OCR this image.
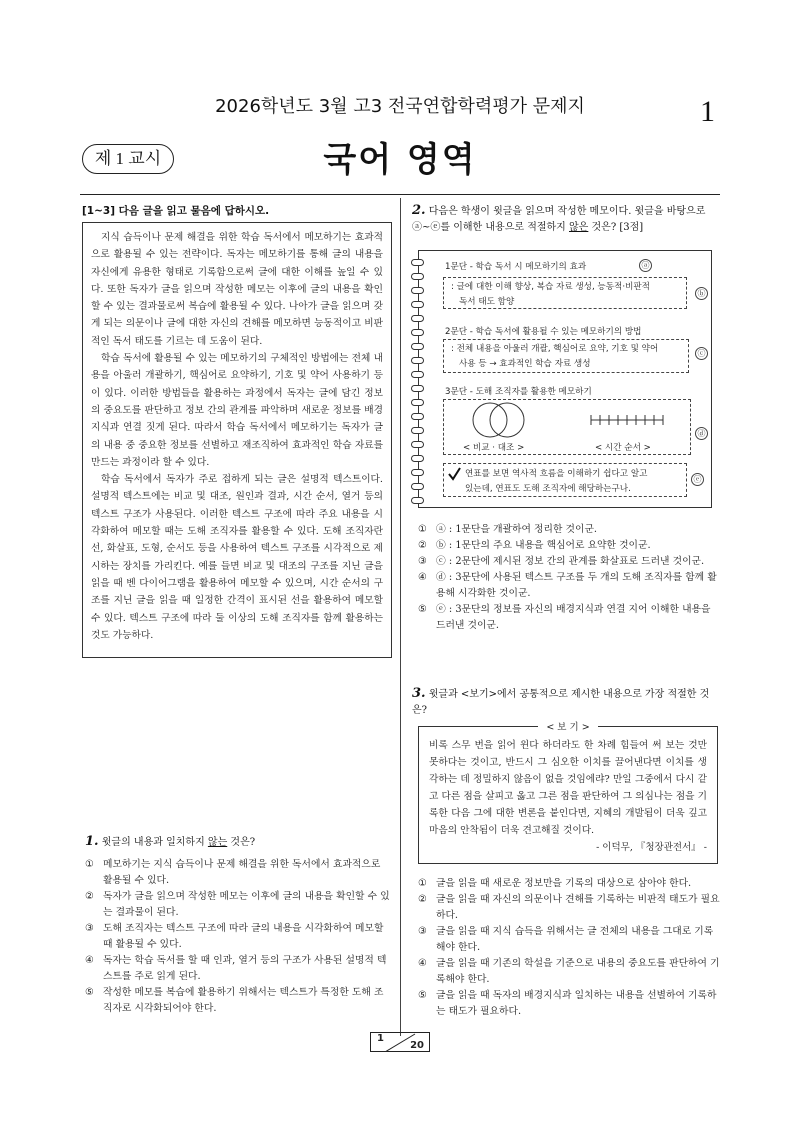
2026학년도 3월 고3 전국연합학력평가 문제지	1
제 1 교시	국어 영역
[1~3] 다음 글을 읽고 물음에 답하시오.

지식 습득이나 문제 해결을 위한 학습 독서에서 메모하기는 효과적으로 활용될 수 있는 전략이다. 독자는 메모하기를 통해 글의 내용을 자신에게 유용한 형태로 기록함으로써 글에 대한 이해를 높일 수 있다. 또한 독자가 글을 읽으며 작성한 메모는 이후에 글의 내용을 확인할 수 있는 결과물로써 복습에 활용될 수 있다. 나아가 글을 읽으며 갖게 되는 의문이나 글에 대한 자신의 견해를 메모하면 능동적이고 비판적인 독서 태도를 기르는 데 도움이 된다.

학습 독서에 활용될 수 있는 메모하기의 구체적인 방법에는 전체 내용을 아울러 개괄하기, 핵심어로 요약하기, 기호 및 약어 사용하기 등이 있다. 이러한 방법들을 활용하는 과정에서 독자는 글에 담긴 정보의 중요도를 판단하고 정보 간의 관계를 파악하며 새로운 정보를 배경지식과 연결 짓게 된다. 따라서 학습 독서에서 메모하기는 독자가 글의 내용 중 중요한 정보를 선별하고 재조직하여 효과적인 학습 자료를 만드는 과정이라 할 수 있다.

학습 독서에서 독자가 주로 접하게 되는 글은 설명적 텍스트이다. 설명적 텍스트에는 비교 및 대조, 원인과 결과, 시간 순서, 열거 등의 텍스트 구조가 사용된다. 이러한 텍스트 구조에 따라 주요 내용을 시각화하여 메모할 때는 도해 조직자를 활용할 수 있다. 도해 조직자란 선, 화살표, 도형, 순서도 등을 사용하여 텍스트 구조를 시각적으로 제시하는 장치를 가리킨다. 예를 들면 비교 및 대조의 구조를 지닌 글을 읽을 때 벤 다이어그램을 활용하여 메모할 수 있으며, 시간 순서의 구조를 지닌 글을 읽을 때 일정한 간격이 표시된 선을 활용하여 메모할 수 있다. 텍스트 구조에 따라 둘 이상의 도해 조직자를 함께 활용하는 것도 가능하다.

1. 윗글의 내용과 일치하지 않는 것은?
① 메모하기는 지식 습득이나 문제 해결을 위한 독서에서 효과적으로 활용될 수 있다.
② 독자가 글을 읽으며 작성한 메모는 이후에 글의 내용을 확인할 수 있는 결과물이 된다.
③ 도해 조직자는 텍스트 구조에 따라 글의 내용을 시각화하여 메모할 때 활용될 수 있다.
④ 독자는 학습 독서를 할 때 인과, 열거 등의 구조가 사용된 설명적 텍스트를 주로 읽게 된다.
⑤ 작성한 메모를 복습에 활용하기 위해서는 텍스트가 특정한 도해 조직자로 시각화되어야 한다.
2. 다음은 학생이 윗글을 읽으며 작성한 메모이다. 윗글을 바탕으로 ⓐ~ⓔ를 이해한 내용으로 적절하지 않은 것은? [3점]
1문단 - 학습 독서 시 메모하기의 효과	ⓐ
: 글에 대한 이해 향상, 복습 자료 생성, 능동적·비판적
독서 태도 함양
ⓑ
2문단 - 학습 독서에 활용될 수 있는 메모하기의 방법
: 전체 내용을 아울러 개괄, 핵심어로 요약, 기호 및 약어
사용 등 → 효과적인 학습 자료 생성
ⓒ
3문단 - 도해 조직자를 활용한 메모하기
< 비교 · 대조 >	< 시간 순서 >
ⓓ
연표를 보면 역사적 흐름을 이해하기 쉽다고 알고
있는데, 연표도 도해 조직자에 해당하는구나.
ⓔ
① ⓐ : 1문단을 개괄하여 정리한 것이군.
② ⓑ : 1문단의 주요 내용을 핵심어로 요약한 것이군.
③ ⓒ : 2문단에 제시된 정보 간의 관계를 화살표로 드러낸 것이군.
④ ⓓ : 3문단에 사용된 텍스트 구조를 두 개의 도해 조직자를 함께 활용해 시각화한 것이군.
⑤ ⓔ : 3문단의 정보를 자신의 배경지식과 연결 지어 이해한 내용을 드러낸 것이군.
3. 윗글과 <보기>에서 공통적으로 제시한 내용으로 가장 적절한 것은?
< 보 기 >
비록 스무 번을 읽어 윈다 하더라도 한 차례 힘들여 써 보는 것만 못하다는 것이고, 반드시 그 심오한 이치를 끌어낸다면 이치를 생각하는 데 정밀하지 않음이 없을 것임에랴? 만일 그중에서 다시 같고 다른 점을 살피고 옳고 그른 점을 판단하여 그 의심나는 점을 기록한 다음 그에 대한 변론을 붙인다면, 지혜의 개발됨이 더욱 깊고 마음의 안착됨이 더욱 견고해질 것이다.
- 이덕무, 『청장관전서』 -
① 글을 읽을 때 새로운 정보만을 기록의 대상으로 삼아야 한다.
② 글을 읽을 때 자신의 의문이나 견해를 기록하는 비판적 태도가 필요하다.
③ 글을 읽을 때 지식 습득을 위해서는 글 전체의 내용을 그대로 기록해야 한다.
④ 글을 읽을 때 기존의 학설을 기준으로 내용의 중요도를 판단하여 기록해야 한다.
⑤ 글을 읽을 때 독자의 배경지식과 일치하는 내용을 선별하여 기록하는 태도가 필요하다.
1
20
